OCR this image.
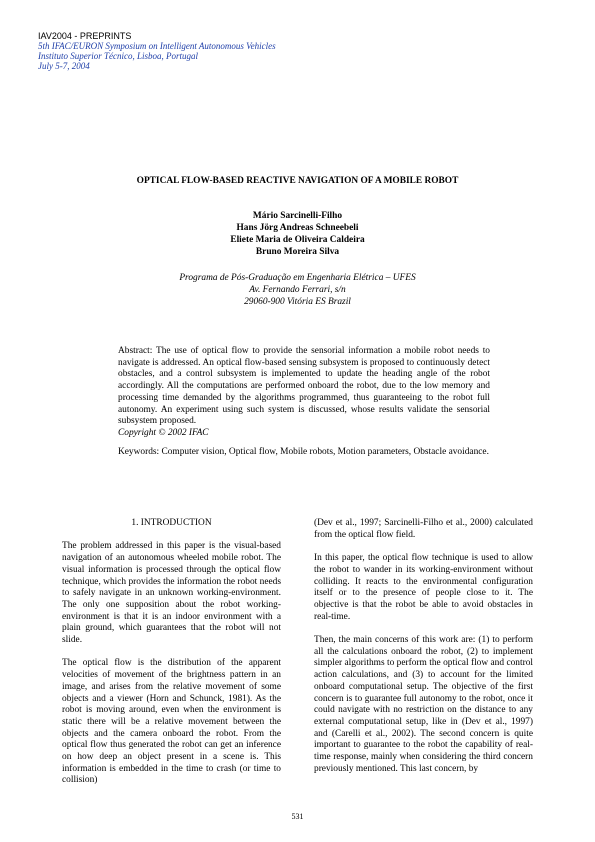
IAV2004 - PREPRINTS
5th IFAC/EURON Symposium on Intelligent Autonomous Vehicles
Instituto Superior Técnico, Lisboa, Portugal
July 5-7, 2004
OPTICAL FLOW-BASED REACTIVE NAVIGATION OF A MOBILE ROBOT
Mário Sarcinelli-Filho
Hans Jörg Andreas Schneebeli
Eliete Maria de Oliveira Caldeira
Bruno Moreira Silva
Programa de Pós-Graduação em Engenharia Elétrica – UFES
Av. Fernando Ferrari, s/n
29060-900 Vitória ES Brazil
Abstract: The use of optical flow to provide the sensorial information a mobile robot needs to navigate is addressed. An optical flow-based sensing subsystem is proposed to continuously detect obstacles, and a control subsystem is implemented to update the heading angle of the robot accordingly. All the computations are performed onboard the robot, due to the low memory and processing time demanded by the algorithms programmed, thus guaranteeing to the robot full autonomy. An experiment using such system is discussed, whose results validate the sensorial subsystem proposed.
Copyright © 2002 IFAC
Keywords: Computer vision, Optical flow, Mobile robots, Motion parameters, Obstacle avoidance.
1. INTRODUCTION

The problem addressed in this paper is the visual-based navigation of an autonomous wheeled mobile robot. The visual information is processed through the optical flow technique, which provides the information the robot needs to safely navigate in an unknown working-environment. The only one supposition about the robot working-environment is that it is an indoor environment with a plain ground, which guarantees that the robot will not slide.

The optical flow is the distribution of the apparent velocities of movement of the brightness pattern in an image, and arises from the relative movement of some objects and a viewer (Horn and Schunck, 1981). As the robot is moving around, even when the environment is static there will be a relative movement between the objects and the camera onboard the robot. From the optical flow thus generated the robot can get an inference on how deep an object present in a scene is. This information is embedded in the time to crash (or time to collision)

(Dev et al., 1997; Sarcinelli-Filho et al., 2000) calculated from the optical flow field.

In this paper, the optical flow technique is used to allow the robot to wander in its working-environment without colliding. It reacts to the environmental configuration itself or to the presence of people close to it. The objective is that the robot be able to avoid obstacles in real-time.

Then, the main concerns of this work are: (1) to perform all the calculations onboard the robot, (2) to implement simpler algorithms to perform the optical flow and control action calculations, and (3) to account for the limited onboard computational setup. The objective of the first concern is to guarantee full autonomy to the robot, once it could navigate with no restriction on the distance to any external computational setup, like in (Dev et al., 1997) and (Carelli et al., 2002). The second concern is quite important to guarantee to the robot the capability of real-time response, mainly when considering the third concern previously mentioned. This last concern, by

531
